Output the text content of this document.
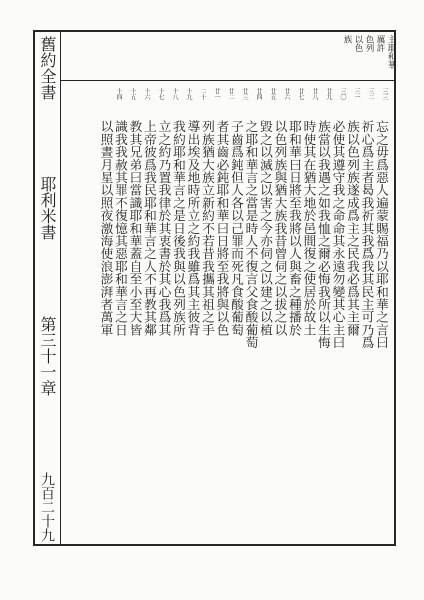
主耶和華
厲許
色列
以色
族
三三
三二
三一
三〇
廿九
廿八
廿七
廿六
廿五
廿四
廿三
廿二
廿一
二十
十九
十八
十七
十六
十五
十四
忘之毋爲惡人遍蒙賜福乃以耶和華之言曰
祈心爲主者曷我祈其我爲我其民主可乃爲
族以色列族遂成爲主之民我必爲其主爾
必使其遵守我之命命其永遠勿變其心主曰
族當以我遇之如我恤之爾必悔我所以生悔
時使其在猶大地於邑間復之使居於故土
耶和華曰日將至我將以人與畜之種播於
以色列族與猶大族我昔曾伺之以拔之以
毀之以滅之以害之今亦伺之以建之以植
之耶和華言之當是時人不復言父食酸葡萄
子齒爲鈍但人各以己罪而死凡食酸葡萄
者其齒必鈍耶和華曰日將至我將與以色
列族猶大族立新約不若昔我攜其祖之手
導出埃及地時所立之約我雖爲其主彼背
我約耶和華言之是日後我與以色列族所
立之約乃置我律於其衷書於其心我爲其
上帝彼爲我民耶和華言之人不再教其鄰
教其兄弟曰當識耶和華蓋自至小至大皆
識我我赦其罪不復憶其惡耶和華言之日
以照晝月星以照夜激海使浪澎湃者萬軍
舊約全書
耶利米書
第三十一章
九百二十九
